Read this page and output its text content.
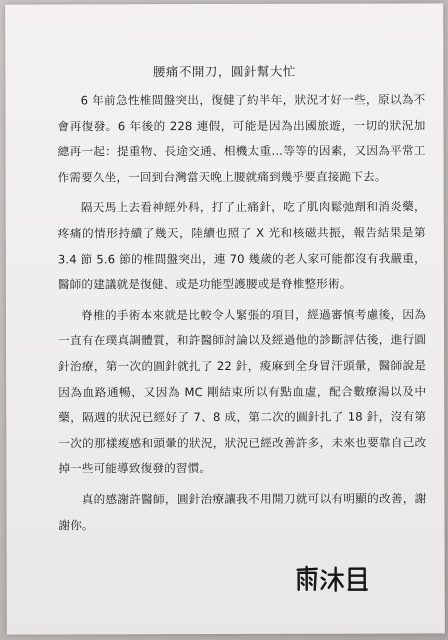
腰痛不開刀，圓針幫大忙

6 年前急性椎間盤突出，復健了約半年，狀況才好一些，原以為不會再復發。6 年後的 228 連假，可能是因為出國旅遊，一切的狀況加總再一起：提重物、長途交通、相機太重…等等的因素，又因為平常工作需要久坐，一回到台灣當天晚上腰就痛到幾乎要直接跪下去。

隔天馬上去看神經外科，打了止痛針，吃了肌肉鬆弛劑和消炎藥，疼痛的情形持續了幾天，陸續也照了 X 光和核磁共振，報告結果是第 3.4 節 5.6 節的椎間盤突出，連 70 幾歲的老人家可能都沒有我嚴重，醫師的建議就是復健、或是功能型護腰或是脊椎整形術。

脊椎的手術本來就是比較令人緊張的項目，經過審慎考慮後，因為一直有在璞真調體質，和許醫師討論以及經過他的診斷評估後，進行圓針治療，第一次的圓針就扎了 22 針，痠麻到全身冒汗頭暈，醫師說是因為血路通暢，又因為 MC 剛結束所以有點血虛，配合數療湯以及中藥，隔週的狀況已經好了 7、8 成，第二次的圓針扎了 18 針，沒有第一次的那樣痠感和頭暈的狀況，狀況已經改善許多，未來也要靠自己改掉一些可能導致復發的習慣。

真的感謝許醫師，圓針治療讓我不用開刀就可以有明顯的改善，謝謝你。
